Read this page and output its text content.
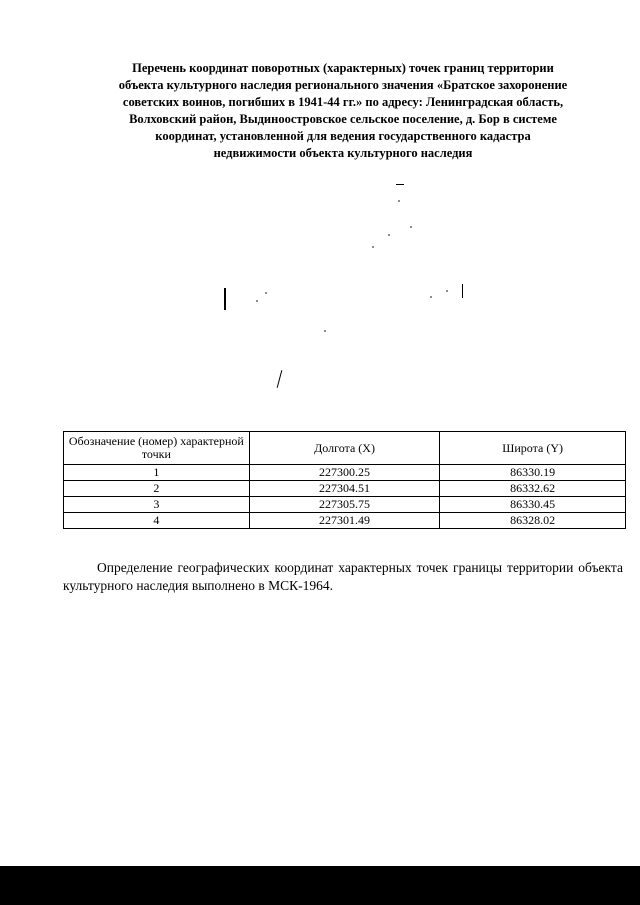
Перечень координат поворотных (характерных) точек границ территории
объекта культурного наследия регионального значения «Братское захоронение
советских воинов, погибших в 1941-44 гг.» по адресу: Ленинградская область,
Волховский район, Выдиноостровское сельское поселение, д. Бор в системе
координат, установленной для ведения государственного кадастра
недвижимости объекта культурного наследия
Обозначение (номер) характерной точки	Долгота (X)	Широта (Y)
1	227300.25	86330.19
2	227304.51	86332.62
3	227305.75	86330.45
4	227301.49	86328.02

Определение географических координат характерных точек границы территории объекта культурного наследия выполнено в МСК-1964.
